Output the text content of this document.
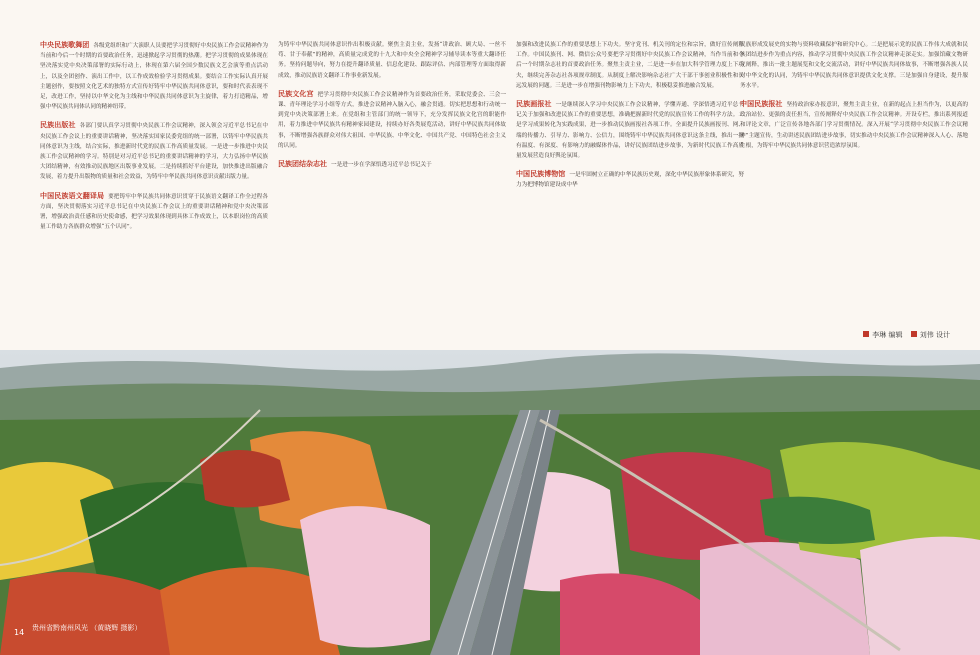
中央民族歌舞团 各级党组织和广大演职人员要把学习贯彻好中央民族工作会议精神作为当前和今后一个时期的首要政治任务，迅速掀起学习贯彻的热潮。把学习贯彻的成果体现在坚决落实党中央决策部署的实际行动上，体现在第六届全国少数民族文艺会演等重点活动上，以及全团创作、演出工作中，以工作成效检验学习贯彻成果。要结合工作实际认真开展主题创作，要按照文化艺术的独特方式宣传好铸牢中华民族共同体意识，要和时代表表现不足，改进工作，坚持以中华文化为主线和中华民族共同体意识为主旋律，着力打造精品，增强中华民族共同体认同的精神纽带。

民族出版社 各部门要认真学习贯彻中央民族工作会议精神，深入领会习近平总书记在中央民族工作会议上的重要讲话精神，坚决落实国家民委党组的统一部署，以铸牢中华民族共同体意识为主线，结合实际，推进新时代党的民族工作高质量发展。一是进一步推进中央民族工作会议精神的学习。特别是对习近平总书记的重要讲话精神的学习，大力弘扬中华民族大团结精神，有效推动民族地区出版事业发展。二是持续抓好平台建设，加快推进出版融合发展，着力提升出版物的质量和社会效益，为铸牢中华民族共同体意识贡献出版力量。

中国民族语文翻译局 要把铸牢中华民族共同体意识贯穿于民族语文翻译工作全过程各方面，坚决贯彻落实习近平总书记在中央民族工作会议上的重要讲话精神和党中央决策部署，增强政治责任感和历史使命感，把学习效果体现到具体工作成效上，以本职岗位的高质量工作助力各族群众增强“五个认同”。

为铸牢中华民族共同体意识作出积极贡献。聚焦主责主业，发扬“讲政治、顾大局、一丝不苟、甘于奉献”的精神，高质量完成党的十九大和中央全会精神学习辅导读本等重大翻译任务。坚持问题导向，努力在提升翻译质量、信息化建设、跟踪评估、内部管理等方面取得新成效，推动民族语文翻译工作事业新发展。

民族文化宫 把学习贯彻中央民族工作会议精神作为首要政治任务，采取党委会、三会一课、青年理论学习小组等方式，推进会议精神入脑入心，融会贯通。切实把思想和行动统一到党中央决策部署上来。在党组和主管部门的统一领导下，充分发挥民族文化宫的职能作用，着力推进中华民族共有精神家园建设，持续办好各类展览活动，讲好中华民族共同体故事，不断增强各族群众对伟大祖国、中华民族、中华文化、中国共产党、中国特色社会主义的认同。

民族团结杂志社 一是进一步在学深悟透习近平总书记关于

加强和改进民族工作的重要思想上下功夫。坚守党刊、机关刊的定位和宗旨，做好宣传阐释工作。中国民族刊、网、微信公众号要把学习贯彻好中央民族工作会议精神，当作当前和今后一个时期杂志社的首要政治任务。聚焦主责主业，二是进一步在加大科学管理力度上下功夫，继续完善杂志社各项规章制度。从制度上解决影响杂志社广大干部干事创业积极性和长远发展的问题。三是进一步在增强刊物影响力上下功夫，积极稳妥推进融合发展。

民族画报社 一是继续深入学习中央民族工作会议精神，学懂弄通、学深悟透习近平总书记关于加强和改进民族工作的重要思想，准确把握新时代党的民族宣传工作的科学方法。二是学习成果转化为实践成果，进一步推动民族画报社各项工作。全面提升民族画报刊、网、端的传播力、引导力、影响力、公信力，围绕铸牢中华民族共同体意识这条主线，推出一批有温度、有深度、有影响力的融媒体作品，讲好民族团结进步故事，为新时代民族工作高质量发展营造良好舆论氛围。

中国民族博物馆 一是牢固树立正确的中华民族历史观，深化中华民族形象体系研究，努力为把博物馆建设成中华

民族形成发展史的实物与资料收藏保护和研究中心。二是把展示党的民族工作伟大成就和民族团结进步作为重点内容，推动学习贯彻中央民族工作会议精神走深走实。加强馆藏文物研究阐释，推出一批主题展览和文化交流活动，讲好中华民族共同体故事，不断增强各族人民对中华文化的认同，为铸牢中华民族共同体意识提供文化支撑。三是加强自身建设，提升服务水平。

中国民族报社 坚持政治家办报意识，聚焦主责主业，在新的起点上担当作为，以更高的政治站位、更强的责任担当，宣传阐释好中央民族工作会议精神。开设专栏，推出系列报道和评论文章，广泛宣传各地各部门学习贯彻情况。深入开展“学习贯彻中央民族工作会议精神”主题宣传，生动讲述民族团结进步故事，切实推动中央民族工作会议精神深入人心、落地生根，为铸牢中华民族共同体意识营造浓厚氛围。

李琳 编辑 刘伟 设计
14 贵州省黔南州风光 （黄晓辉 摄影）
